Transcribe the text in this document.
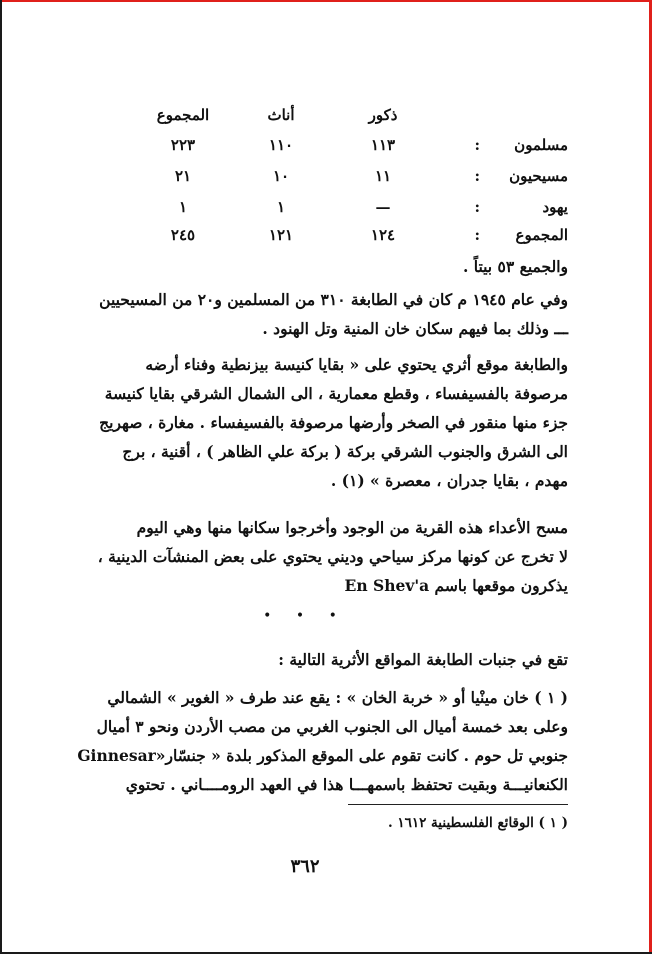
ذكور
أناث
المجموع
مسلمون
:
١١٣
١١٠
٢٢٣
مسيحيون
:
١١
١٠
٢١
يهود
:
—
١
١
المجموع
:
١٢٤
١٢١
٢٤٥
والجميع ٥٣ بيتاً .
وفي عام ١٩٤٥ م كان في الطابغة ٣١٠ من المسلمين و٢٠ من المسيحيين
ـــ وذلك بما فيهم سكان خان المنية وتل الهنود .
والطابغة موقع أثري يحتوي على « بقايا كنيسة بيزنطية وفناء أرضه
مرصوفة بالفسيفساء ، وقطع معمارية ، الى الشمال الشرقي بقايا كنيسة
جزء منها منقور في الصخر وأرضها مرصوفة بالفسيفساء . مغارة ، صهريج
الى الشرق والجنوب الشرقي بركة ( بركة علي الظاهر ) ، أقنية ، برج
مهدم ، بقايا جدران ، معصرة » (١) .
مسح الأعداء هذه القرية من الوجود وأخرجوا سكانها منها وهي اليوم
لا تخرج عن كونها مركز سياحي وديني يحتوي على بعض المنشآت الدينية ،
يذكرون موقعها باسم En Shev'a
• • •
تقع في جنبات الطابغة المواقع الأثرية التالية :
( ١ ) خان مينْيا أو « خربة الخان » : يقع عند طرف « الغوير » الشمالي
وعلى بعد خمسة أميال الى الجنوب الغربي من مصب الأردن ونحو ٣ أميال
جنوبي تل حوم . كانت تقوم على الموقع المذكور بلدة « جنسّارGinnesar»
الكنعانيـــة وبقيت تحتفظ باسمهـــا هذا في العهد الرومــــاني . تحتوي
( ١ ) الوقائع الفلسطينية ١٦١٢ .
٣٦٢
